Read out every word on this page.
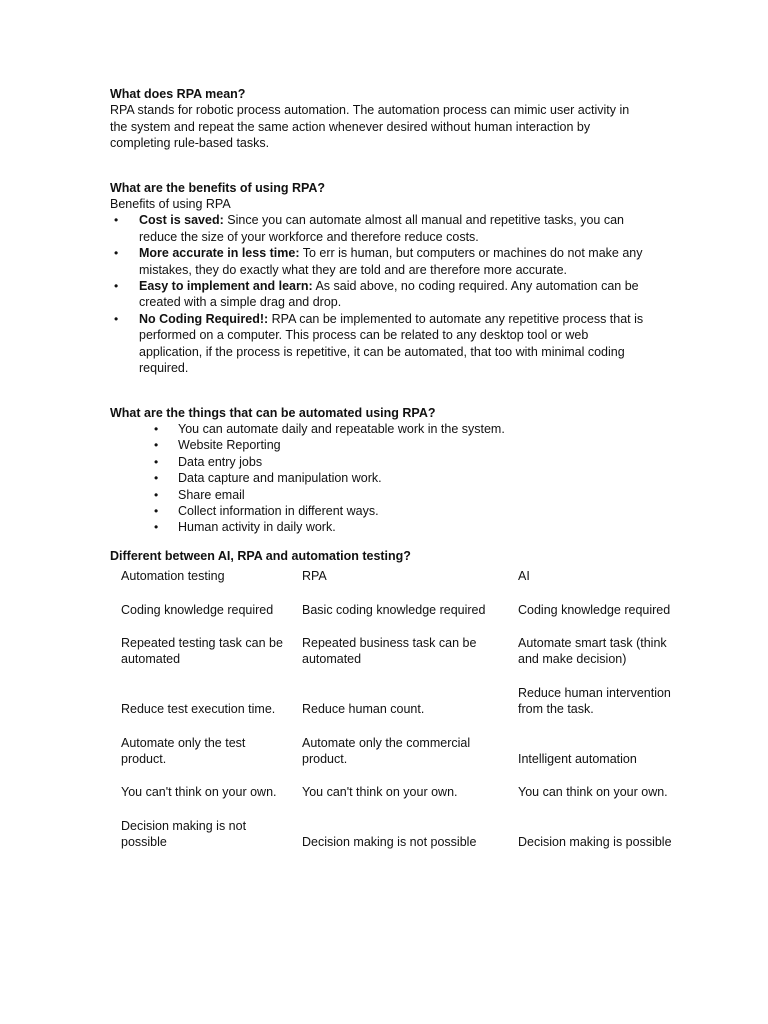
What does RPA mean?
RPA stands for robotic process automation. The automation process can mimic user activity in
the system and repeat the same action whenever desired without human interaction by
completing rule-based tasks.
What are the benefits of using RPA?
Benefits of using RPA
• Cost is saved: Since you can automate almost all manual and repetitive tasks, you can reduce the size of your workforce and therefore reduce costs.
• More accurate in less time: To err is human, but computers or machines do not make any mistakes, they do exactly what they are told and are therefore more accurate.
• Easy to implement and learn: As said above, no coding required. Any automation can be created with a simple drag and drop.
• No Coding Required!: RPA can be implemented to automate any repetitive process that is performed on a computer. This process can be related to any desktop tool or web application, if the process is repetitive, it can be automated, that too with minimal coding required.
What are the things that can be automated using RPA?
• You can automate daily and repeatable work in the system.
• Website Reporting
• Data entry jobs
• Data capture and manipulation work.
• Share email
• Collect information in different ways.
• Human activity in daily work.
Different between AI, RPA and automation testing?
Automation testing	RPA	AI

Coding knowledge required	Basic coding knowledge required	Coding knowledge required

Repeated testing task can be automated	Repeated business task can be automated	Automate smart task (think and make decision)

Reduce test execution time.	Reduce human count.	Reduce human intervention from the task.

Automate only the test product.	Automate only the commercial product.	Intelligent automation

You can't think on your own.	You can't think on your own.	You can think on your own.

Decision making is not possible	Decision making is not possible	Decision making is possible
